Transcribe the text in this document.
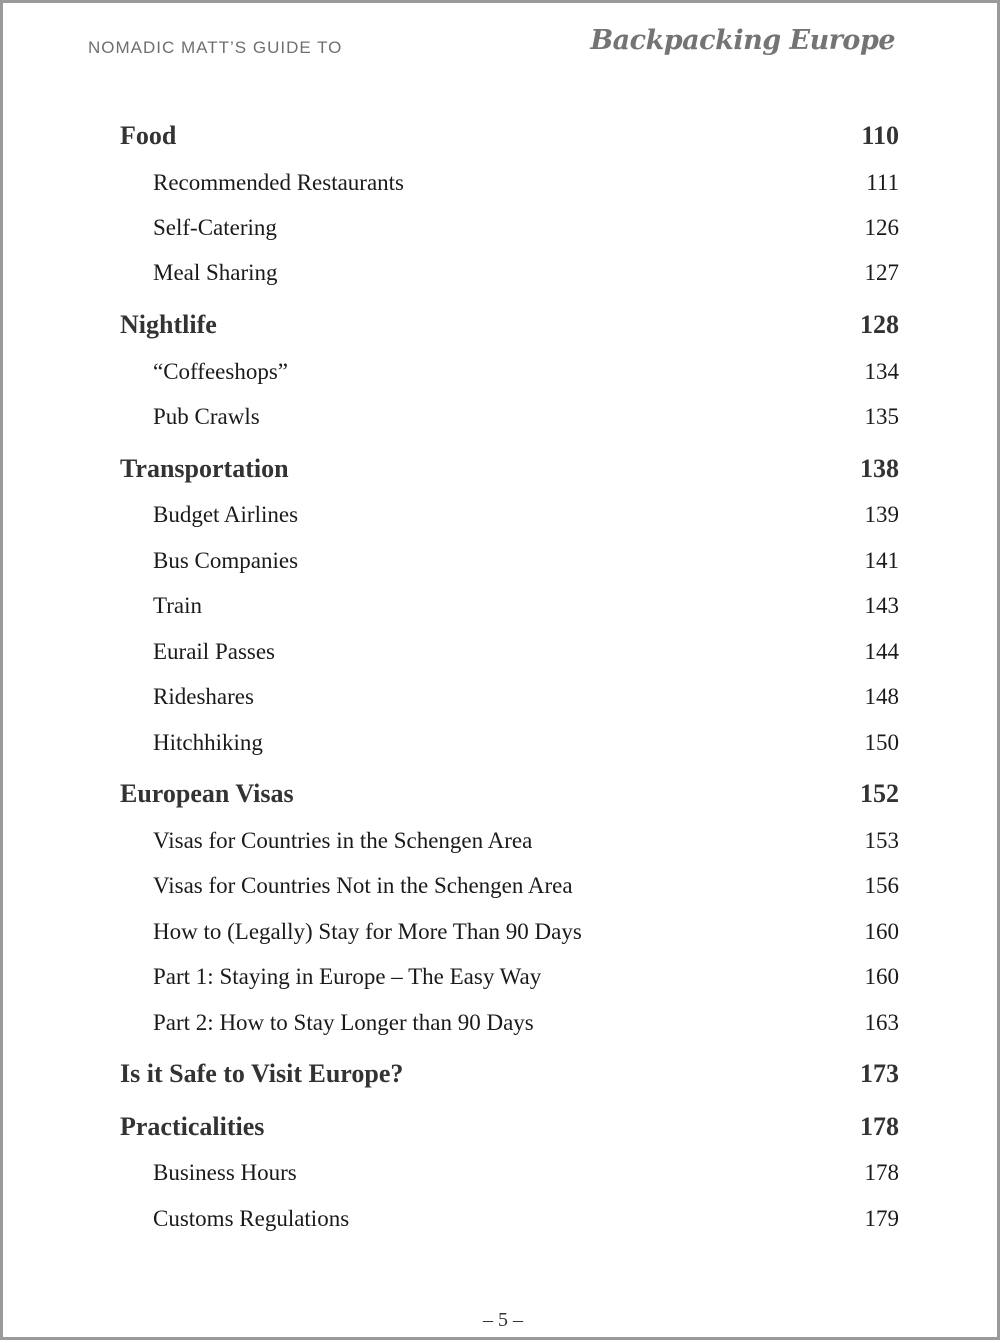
NOMADIC MATT’S GUIDE TO	Backpacking Europe
Food	110
Recommended Restaurants	111
Self-Catering	126
Meal Sharing	127
Nightlife	128
“Coffeeshops”	134
Pub Crawls	135
Transportation	138
Budget Airlines	139
Bus Companies	141
Train	143
Eurail Passes	144
Rideshares	148
Hitchhiking	150
European Visas	152
Visas for Countries in the Schengen Area	153
Visas for Countries Not in the Schengen Area	156
How to (Legally) Stay for More Than 90 Days	160
Part 1: Staying in Europe – The Easy Way	160
Part 2: How to Stay Longer than 90 Days	163
Is it Safe to Visit Europe?	173
Practicalities	178
Business Hours	178
Customs Regulations	179
– 5 –
